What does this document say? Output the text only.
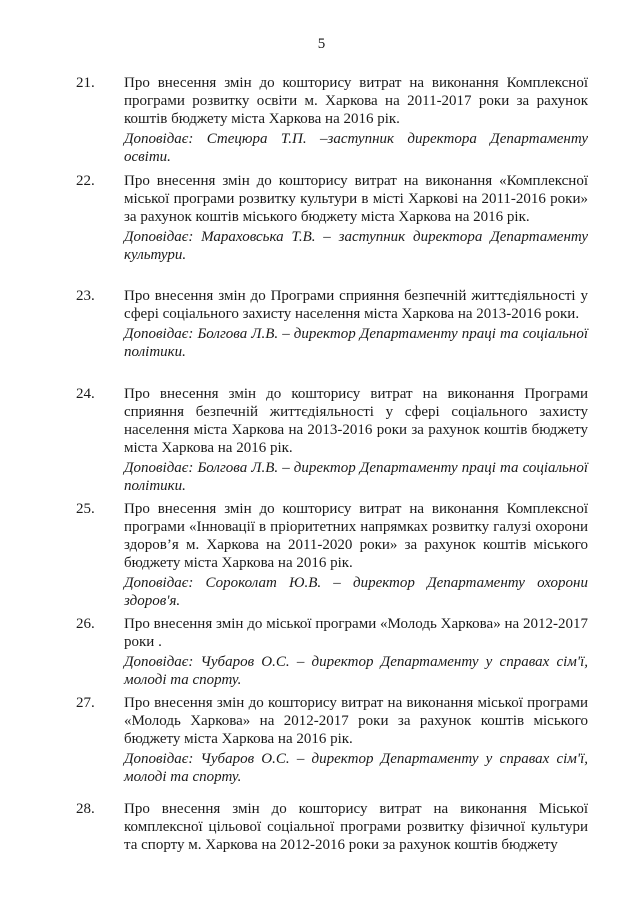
5
21. Про внесення змін до кошторису витрат на виконання Комплексної програми розвитку освіти м. Харкова на 2011-2017 роки за рахунок коштів бюджету міста Харкова на 2016 рік.

Доповідає: Стецюра Т.П. –заступник директора Департаменту освіти.

22. Про внесення змін до кошторису витрат на виконання «Комплексної міської програми розвитку культури в місті Харкові на 2011-2016 роки» за рахунок коштів міського бюджету міста Харкова на 2016 рік.

Доповідає: Мараховська Т.В. – заступник директора Департаменту культури.

23. Про внесення змін до Програми сприяння безпечній життєдіяльності у сфері соціального захисту населення міста Харкова на 2013-2016 роки.

Доповідає: Болгова Л.В. – директор Департаменту праці та соціальної політики.

24. Про внесення змін до кошторису витрат на виконання Програми сприяння безпечній життєдіяльності у сфері соціального захисту населення міста Харкова на 2013-2016 роки за рахунок коштів бюджету міста Харкова на 2016 рік.

Доповідає: Болгова Л.В. – директор Департаменту праці та соціальної політики.

25. Про внесення змін до кошторису витрат на виконання Комплексної програми «Інновації в пріоритетних напрямках розвитку галузі охорони здоров’я м. Харкова на 2011-2020 роки» за рахунок коштів міського бюджету міста Харкова на 2016 рік.

Доповідає: Сороколат Ю.В. – директор Департаменту охорони здоров'я.

26. Про внесення змін до міської програми «Молодь Харкова» на 2012-2017 роки .

Доповідає: Чубаров О.С. – директор Департаменту у справах сім'ї, молоді та спорту.

27. Про внесення змін до кошторису витрат на виконання міської програми «Молодь Харкова» на 2012-2017 роки за рахунок коштів міського бюджету міста Харкова на 2016 рік.

Доповідає: Чубаров О.С. – директор Департаменту у справах сім'ї, молоді та спорту.

28. Про внесення змін до кошторису витрат на виконання Міської комплексної цільової соціальної програми розвитку фізичної культури та спорту м. Харкова на 2012-2016 роки за рахунок коштів бюджету
